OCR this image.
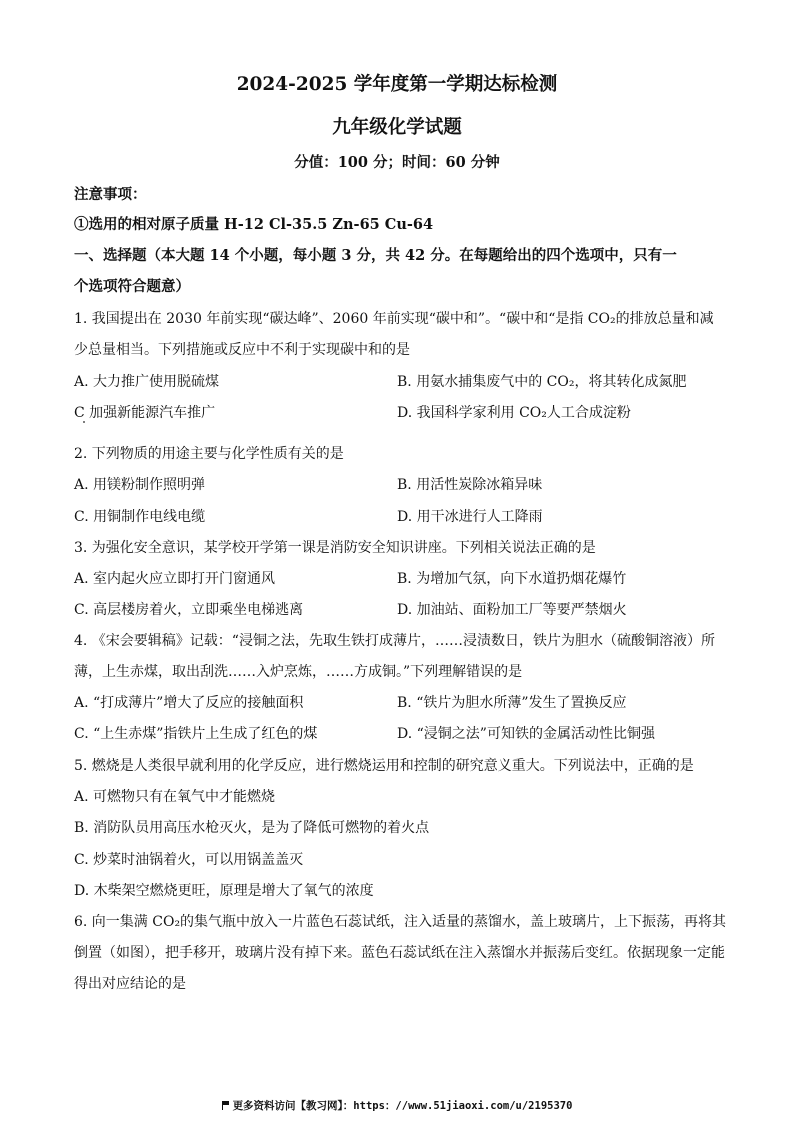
2024-2025 学年度第一学期达标检测
九年级化学试题
分值：100 分；时间：60 分钟
注意事项：
①选用的相对原子质量 H-12 Cl-35.5 Zn-65 Cu-64
一、选择题（本大题 14 个小题，每小题 3 分，共 42 分。在每题给出的四个选项中，只有一
个选项符合题意）
1. 我国提出在 2030 年前实现“碳达峰”、2060 年前实现“碳中和”。“碳中和“是指 CO₂的排放总量和减
少总量相当。下列措施或反应中不利于实现碳中和的是
A. 大力推广使用脱硫煤	B. 用氨水捕集废气中的 CO₂，将其转化成氮肥
C 加强新能源汽车推广	D. 我国科学家利用 CO₂人工合成淀粉
2. 下列物质的用途主要与化学性质有关的是
A. 用镁粉制作照明弹	B. 用活性炭除冰箱异味
C. 用铜制作电线电缆	D. 用干冰进行人工降雨
3. 为强化安全意识，某学校开学第一课是消防安全知识讲座。下列相关说法正确的是
A. 室内起火应立即打开门窗通风	B. 为增加气氛，向下水道扔烟花爆竹
C. 高层楼房着火，立即乘坐电梯逃离	D. 加油站、面粉加工厂等要严禁烟火
4. 《宋会要辑稿》记载：“浸铜之法，先取生铁打成薄片，……浸渍数日，铁片为胆水（硫酸铜溶液）所
薄，上生赤煤，取出刮洗……入炉烹炼，……方成铜。”下列理解错误的是
A. “打成薄片”增大了反应的接触面积	B. “铁片为胆水所薄”发生了置换反应
C. “上生赤煤”指铁片上生成了红色的煤	D. “浸铜之法”可知铁的金属活动性比铜强
5. 燃烧是人类很早就利用的化学反应，进行燃烧运用和控制的研究意义重大。下列说法中，正确的是
A. 可燃物只有在氧气中才能燃烧
B. 消防队员用高压水枪灭火，是为了降低可燃物的着火点
C. 炒菜时油锅着火，可以用锅盖盖灭
D. 木柴架空燃烧更旺，原理是增大了氧气的浓度
6. 向一集满 CO₂的集气瓶中放入一片蓝色石蕊试纸，注入适量的蒸馏水，盖上玻璃片，上下振荡，再将其
倒置（如图），把手移开，玻璃片没有掉下来。蓝色石蕊试纸在注入蒸馏水并振荡后变红。依据现象一定能
得出对应结论的是
更多资料访问【教习网】：https：//www.51jiaoxi.com/u/2195370
